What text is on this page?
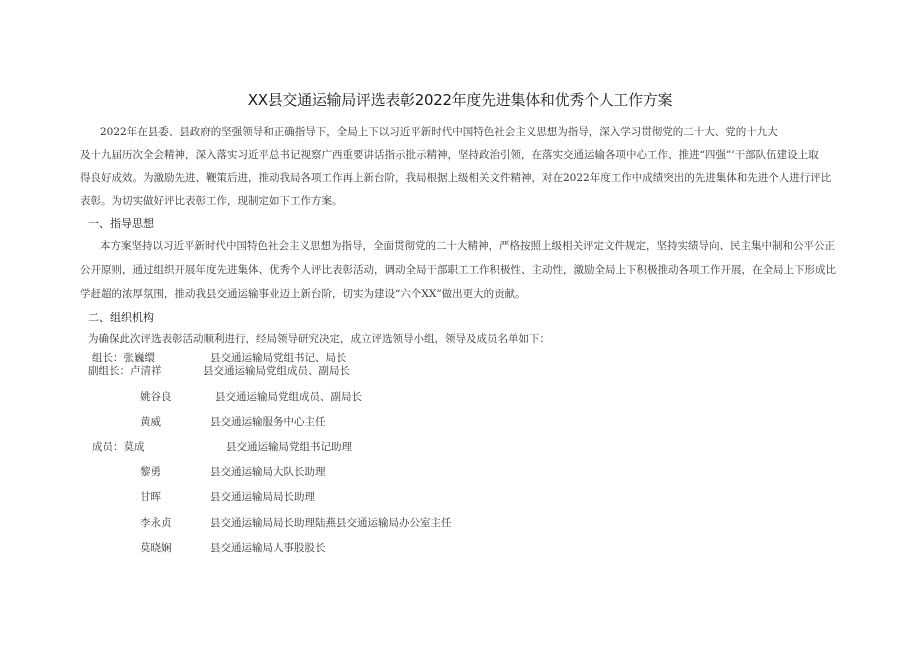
XX县交通运输局评选表彰2022年度先进集体和优秀个人工作方案
2022年在县委、县政府的坚强领导和正确指导下，全局上下以习近平新时代中国特色社会主义思想为指导，深入学习贯彻党的二十大、党的十九大
及十九届历次全会精神，深入落实习近平总书记视察广西重要讲话指示批示精神，坚持政治引领，在落实交通运输各项中心工作、推进“四强”’干部队伍建设上取
得良好成效。为激励先进、鞭策后进，推动我局各项工作再上新台阶，我局根据上级相关文件精神，对在2022年度工作中成绩突出的先进集体和先进个人进行评比
表彰。为切实做好评比表彰工作，现制定如下工作方案。
一、指导思想
本方案坚持以习近平新时代中国特色社会主义思想为指导，全面贯彻党的二十大精神，严格按照上级相关评定文件规定，坚持实绩导向、民主集中制和公平公正
公开原则，通过组织开展年度先进集体、优秀个人评比表彰活动，调动全局干部职工工作积极性、主动性，激励全局上下积极推动各项工作开展，在全局上下形成比
学赶超的浓厚氛围，推动我县交通运输事业迈上新台阶，切实为建设“六个XX”做出更大的贡献。
二、组织机构
为确保此次评选表彰活动顺利进行，经局领导研究决定，成立评选领导小组，领导及成员名单如下：
组长：张巍缳	县交通运输局党组书记、局长
副组长：卢清祥	县交通运输局党组成员、副局长
姚谷良	县交通运输局党组成员、副局长
黄威	县交通运输服务中心主任
成员：莫成	县交通运输局党组书记助理
黎勇	县交通运输局大队长助理
甘晖	县交通运输局局长助理
李永贞	县交通运输局局长助理陆燕县交通运输局办公室主任
莫晓娴	县交通运输局人事股股长
